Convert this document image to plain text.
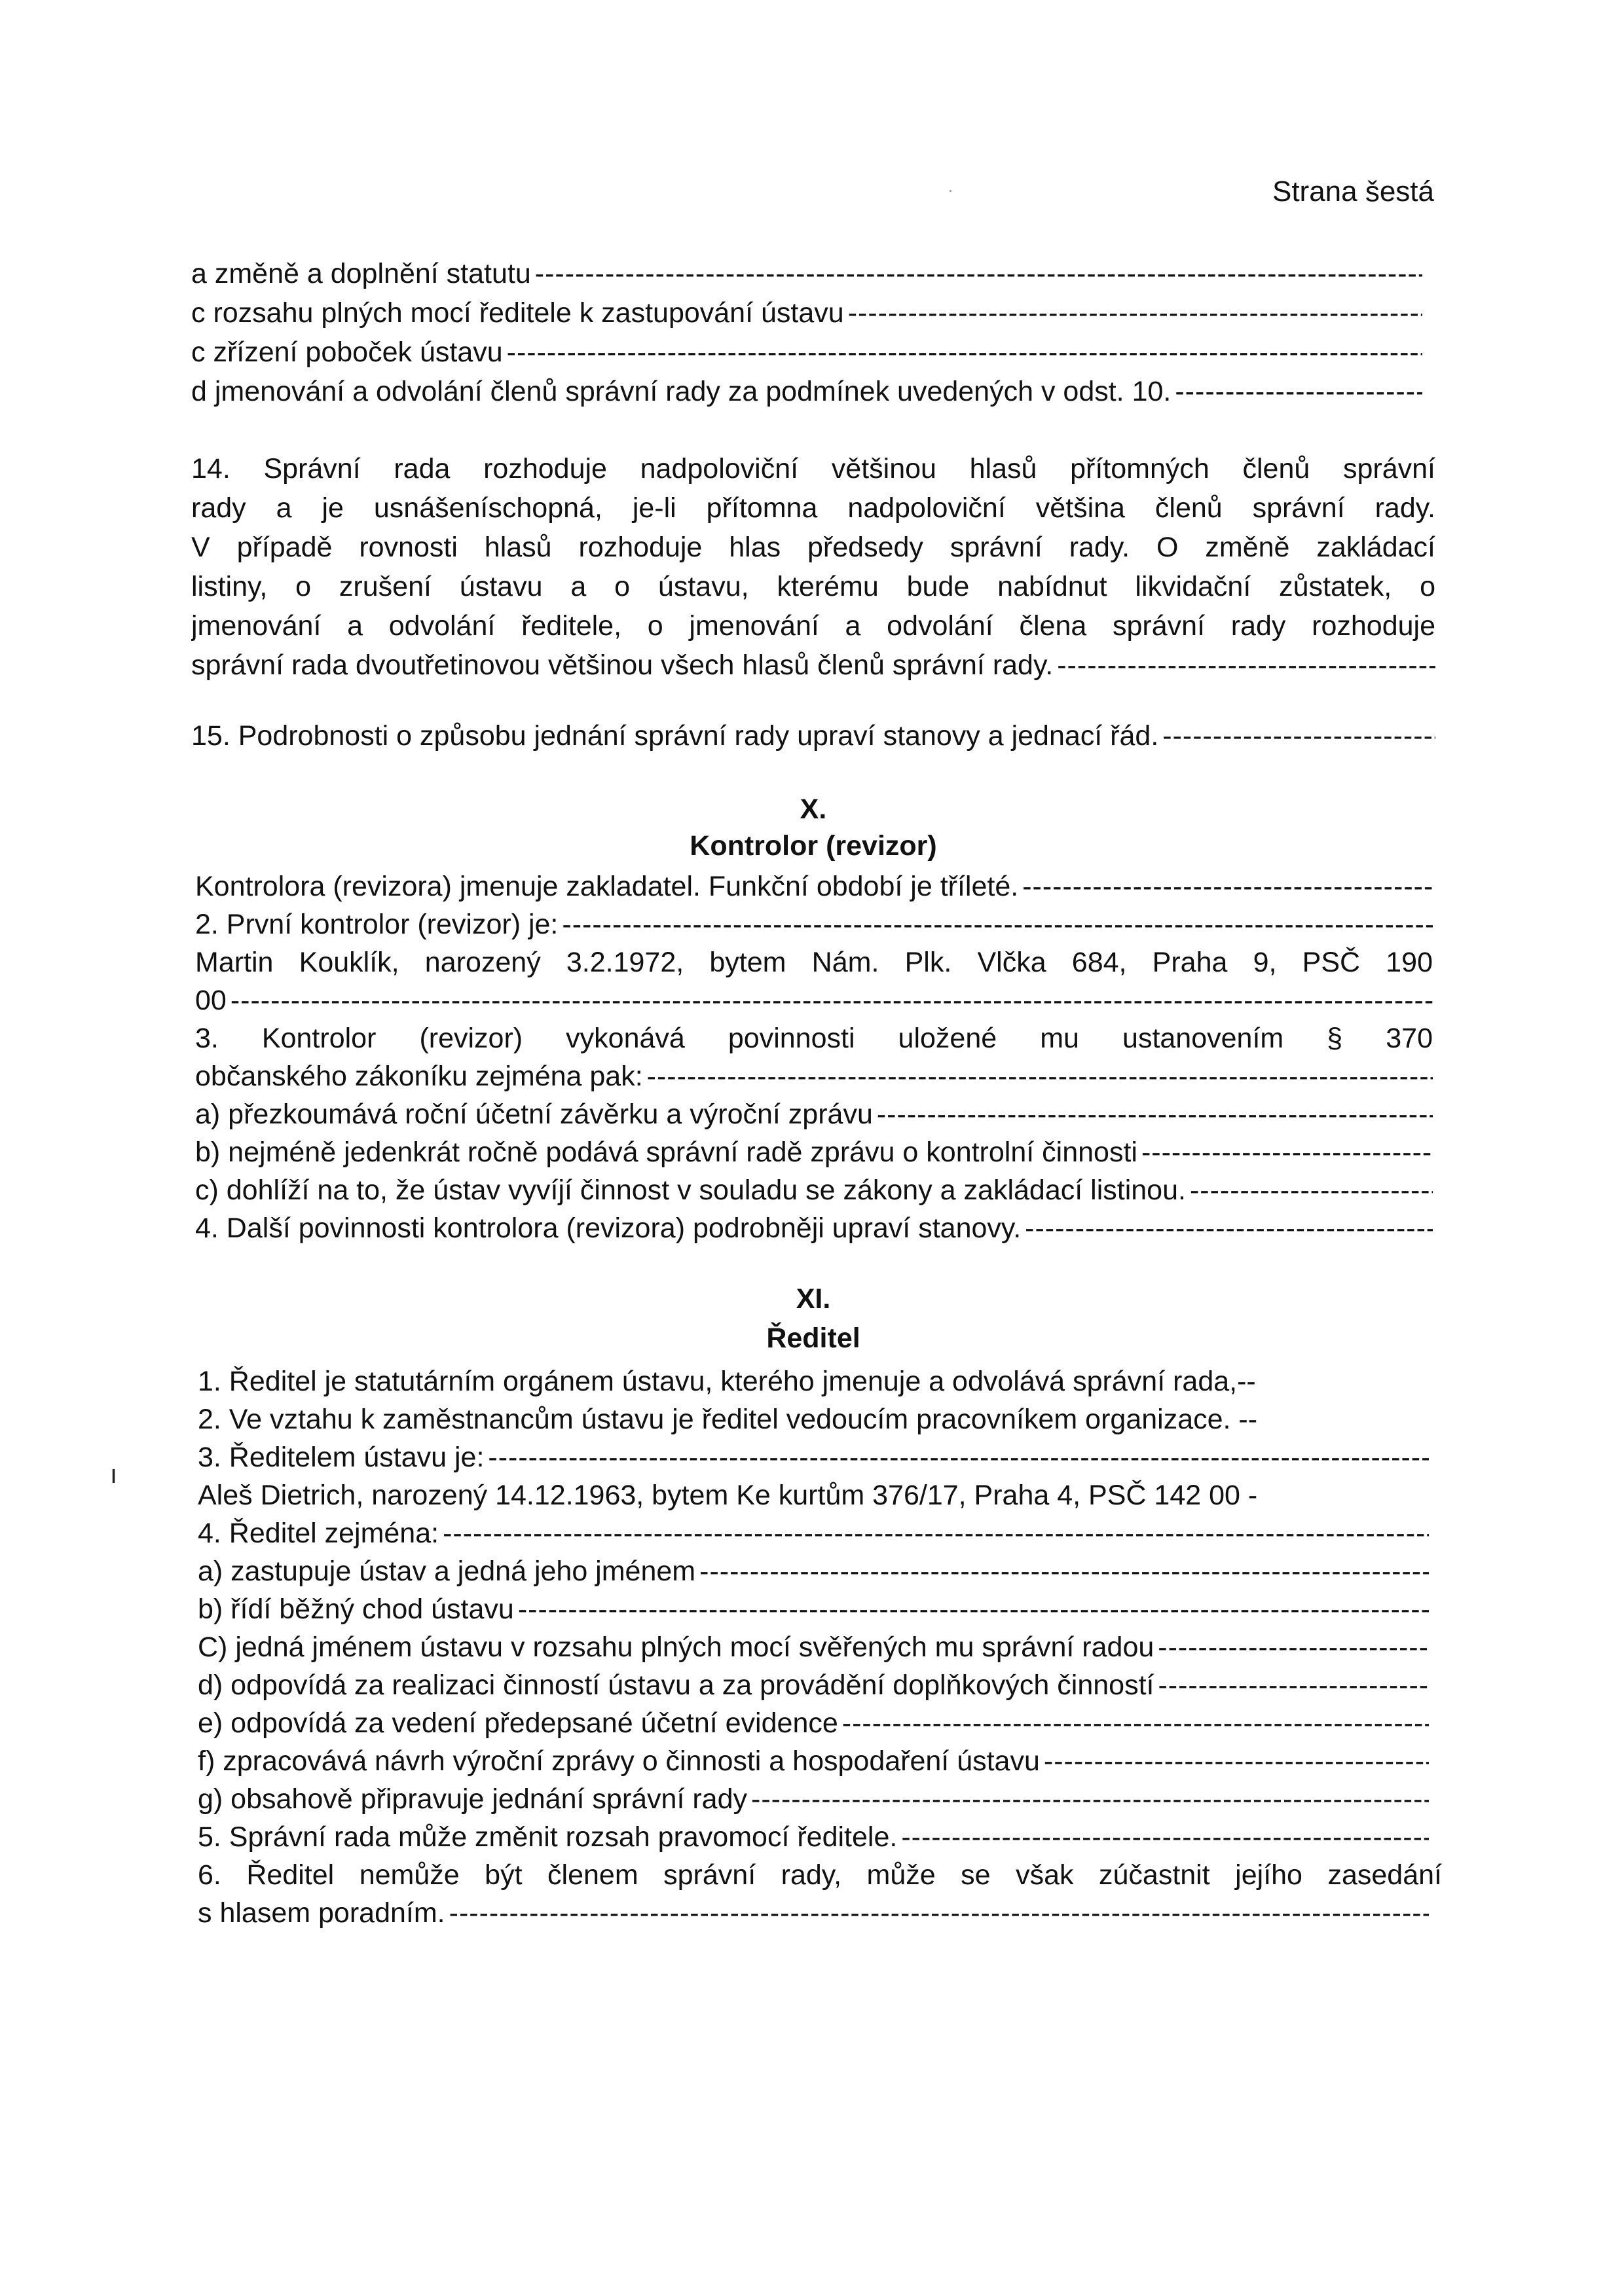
Strana šestá
a změně a doplnění statutu
-----
c rozsahu plných mocí ředitele k zastupování ústavu
-----
c zřízení poboček ústavu
-----
d jmenování a odvolání členů správní rady za podmínek uvedených v odst. 10.
-----
14. Správní rada rozhoduje nadpoloviční většinou hlasů přítomných členů správní
rady a je usnášeníschopná, je-li přítomna nadpoloviční většina členů správní rady.
V případě rovnosti hlasů rozhoduje hlas předsedy správní rady. O změně zakládací
listiny, o zrušení ústavu a o ústavu, kterému bude nabídnut likvidační zůstatek, o
jmenování a odvolání ředitele, o jmenování a odvolání člena správní rady rozhoduje
správní rada dvoutřetinovou většinou všech hlasů členů správní rady.
-----
15. Podrobnosti o způsobu jednání správní rady upraví stanovy a jednací řád.
-----
X.
Kontrolor (revizor)
Kontrolora (revizora) jmenuje zakladatel. Funkční období je tříleté.
-----
2. První kontrolor (revizor) je:
-----
Martin Kouklík, narozený 3.2.1972, bytem Nám. Plk. Vlčka 684, Praha 9, PSČ 190
00
-----
3. Kontrolor (revizor) vykonává povinnosti uložené mu ustanovením § 370
občanského zákoníku zejména pak:
-----
a) přezkoumává roční účetní závěrku a výroční zprávu
-----
b) nejméně jedenkrát ročně podává správní radě zprávu o kontrolní činnosti
-----
c) dohlíží na to, že ústav vyvíjí činnost v souladu se zákony a zakládací listinou.
-----
4. Další povinnosti kontrolora (revizora) podrobněji upraví stanovy.
-----
XI.
Ředitel
1. Ředitel je statutárním orgánem ústavu, kterého jmenuje a odvolává správní rada,--
2. Ve vztahu k zaměstnancům ústavu je ředitel vedoucím pracovníkem organizace. --
3. Ředitelem ústavu je:
-----
Aleš Dietrich, narozený 14.12.1963, bytem Ke kurtům 376/17, Praha 4, PSČ 142 00 -
4. Ředitel zejména:
-----
a) zastupuje ústav a jedná jeho jménem
-----
b) řídí běžný chod ústavu
-----
C) jedná jménem ústavu v rozsahu plných mocí svěřených mu správní radou
-----
d) odpovídá za realizaci činností ústavu a za provádění doplňkových činností
-----
e) odpovídá za vedení předepsané účetní evidence
-----
f) zpracovává návrh výroční zprávy o činnosti a hospodaření ústavu
-----
g) obsahově připravuje jednání správní rady
-----
5. Správní rada může změnit rozsah pravomocí ředitele.
-----
6. Ředitel nemůže být členem správní rady, může se však zúčastnit jejího zasedání
s hlasem poradním.
-----
ı
